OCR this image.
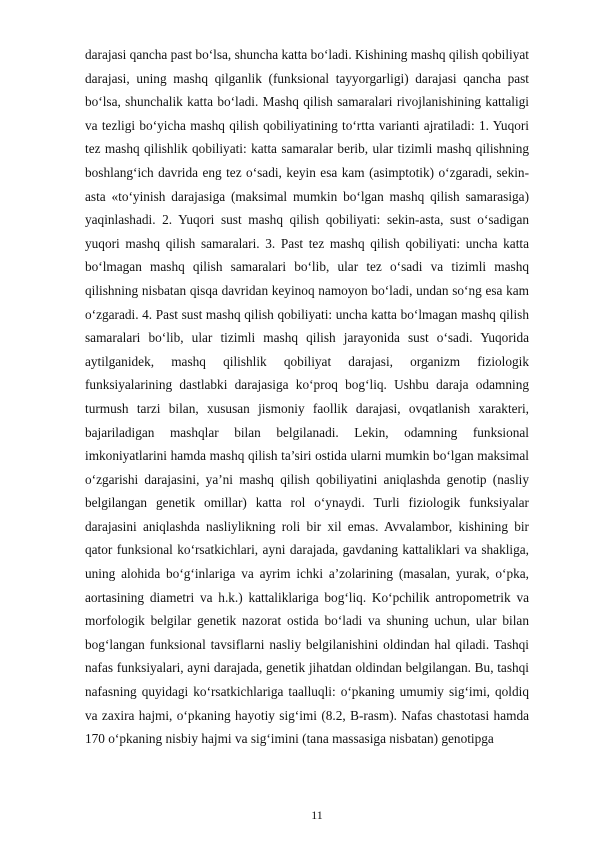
darajasi qancha past bo‘lsa, shuncha katta bo‘ladi. Kishining mashq qilish qobiliyat darajasi, uning mashq qilganlik (funksional tayyorgarligi) darajasi qancha past bo‘lsa, shunchalik katta bo‘ladi. Mashq qilish samaralari rivojlanishining kattaligi va tezligi bo‘yicha mashq qilish qobiliyatining to‘rtta varianti ajratiladi: 1. Yuqori tez mashq qilishlik qobiliyati: katta samaralar berib, ular tizimli mashq qilishning boshlang‘ich davrida eng tez o‘sadi, keyin esa kam (asimptotik) o‘zgaradi, sekin-asta «to‘yinish darajasiga (maksimal mumkin bo‘lgan mashq qilish samarasiga) yaqinlashadi. 2. Yuqori sust mashq qilish qobiliyati: sekin-asta, sust o‘sadigan yuqori mashq qilish samaralari. 3. Past tez mashq qilish qobiliyati: uncha katta bo‘lmagan mashq qilish samaralari bo‘lib, ular tez o‘sadi va tizimli mashq qilishning nisbatan qisqa davridan keyinoq namoyon bo‘ladi, undan so‘ng esa kam o‘zgaradi. 4. Past sust mashq qilish qobiliyati: uncha katta bo‘lmagan mashq qilish samaralari bo‘lib, ular tizimli mashq qilish jarayonida sust o‘sadi. Yuqorida aytilganidek, mashq qilishlik qobiliyat darajasi, organizm fiziologik funksiyalarining dastlabki darajasiga ko‘proq bog‘liq. Ushbu daraja odamning turmush tarzi bilan, xususan jismoniy faollik darajasi, ovqatlanish xarakteri, bajariladigan mashqlar bilan belgilanadi. Lekin, odamning funksional imkoniyatlarini hamda mashq qilish ta’siri ostida ularni mumkin bo‘lgan maksimal o‘zgarishi darajasini, ya’ni mashq qilish qobiliyatini aniqlashda genotip (nasliy belgilangan genetik omillar) katta rol o‘ynaydi. Turli fiziologik funksiyalar darajasini aniqlashda nasliylikning roli bir xil emas. Avvalambor, kishining bir qator funksional ko‘rsatkichlari, ayni darajada, gavdaning kattaliklari va shakliga, uning alohida bo‘g‘inlariga va ayrim ichki a’zolarining (masalan, yurak, o‘pka, aortasining diametri va h.k.) kattaliklariga bog‘liq. Ko‘pchilik antropometrik va morfologik belgilar genetik nazorat ostida bo‘ladi va shuning uchun, ular bilan bog‘langan funksional tavsiflarni nasliy belgilanishini oldindan hal qiladi. Tashqi nafas funksiyalari, ayni darajada, genetik jihatdan oldindan belgilangan. Bu, tashqi nafasning quyidagi ko‘rsatkichlariga taalluqli: o‘pkaning umumiy sig‘imi, qoldiq va zaxira hajmi, o‘pkaning hayotiy sig‘imi (8.2, B-rasm). Nafas chastotasi hamda 170 o‘pkaning nisbiy hajmi va sig‘imini (tana massasiga nisbatan) genotipga

11
